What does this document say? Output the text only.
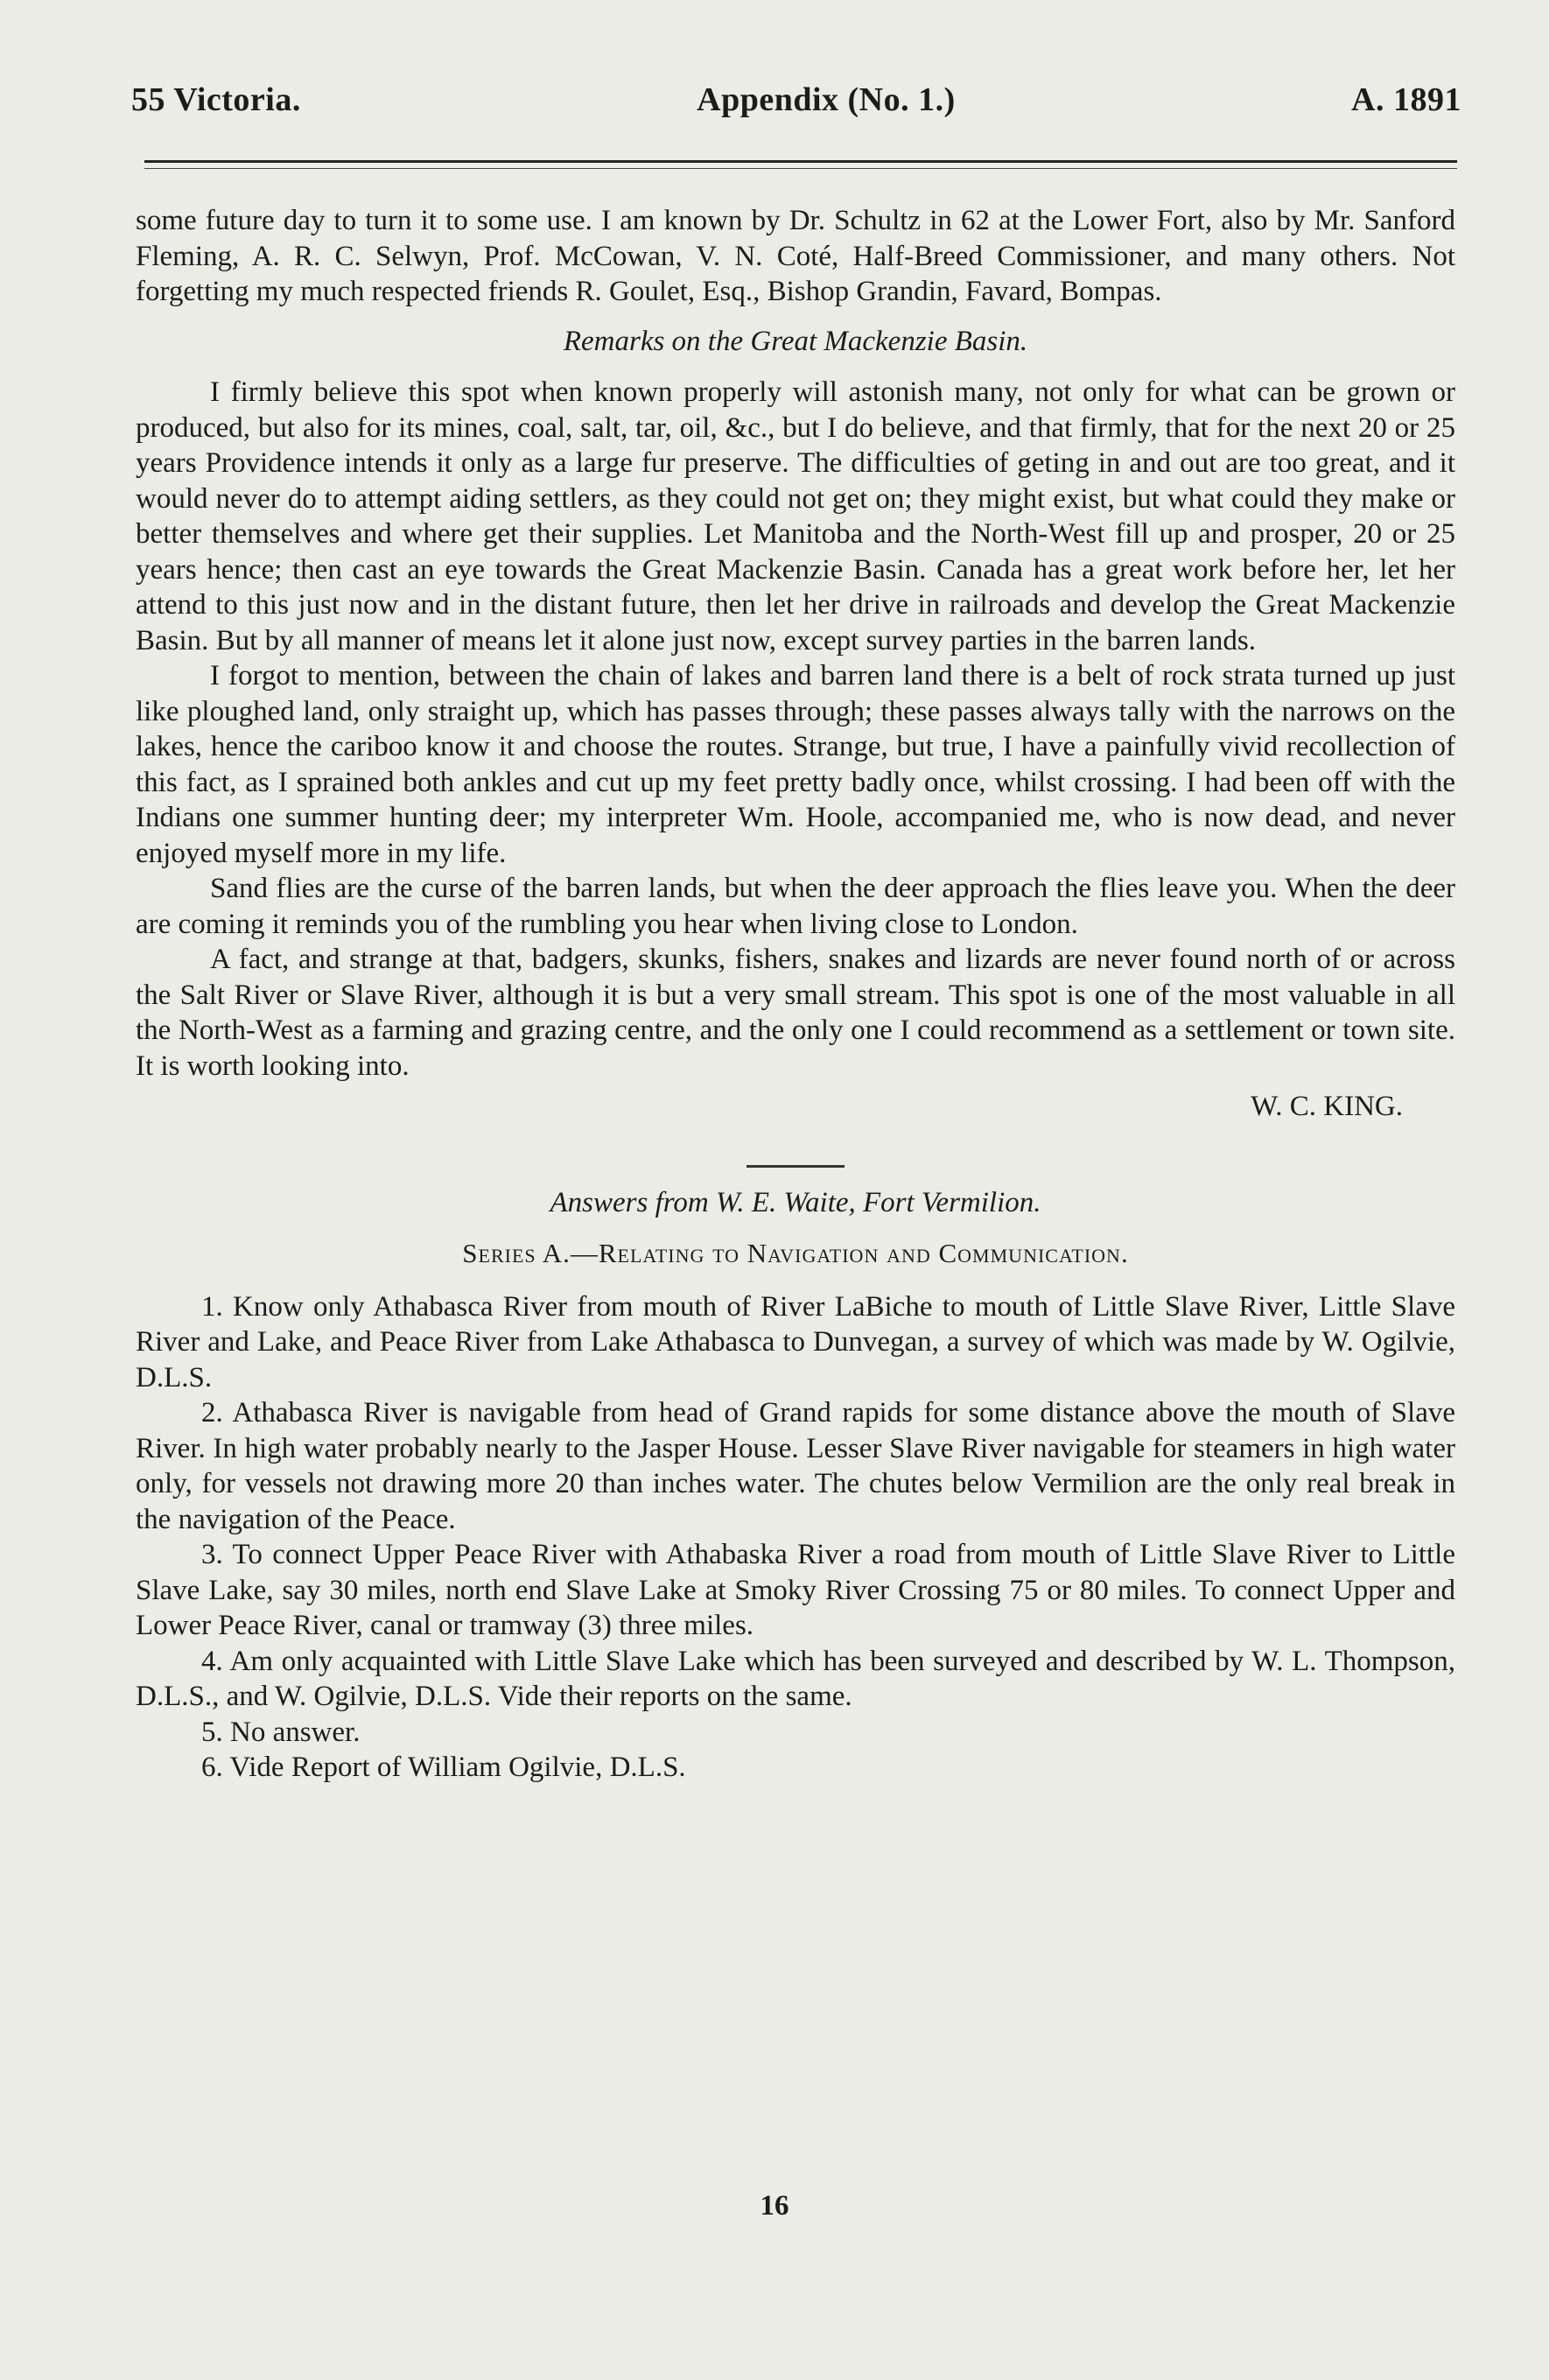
55 Victoria.	Appendix (No. 1.)	A. 1891

some future day to turn it to some use. I am known by Dr. Schultz in 62 at the Lower Fort, also by Mr. Sanford Fleming, A. R. C. Selwyn, Prof. McCowan, V. N. Coté, Half-Breed Commissioner, and many others. Not forgetting my much respected friends R. Goulet, Esq., Bishop Grandin, Favard, Bompas.

Remarks on the Great Mackenzie Basin.

I firmly believe this spot when known properly will astonish many, not only for what can be grown or produced, but also for its mines, coal, salt, tar, oil, &c., but I do believe, and that firmly, that for the next 20 or 25 years Providence intends it only as a large fur preserve. The difficulties of geting in and out are too great, and it would never do to attempt aiding settlers, as they could not get on; they might exist, but what could they make or better themselves and where get their supplies. Let Manitoba and the North-West fill up and prosper, 20 or 25 years hence; then cast an eye towards the Great Mackenzie Basin. Canada has a great work before her, let her attend to this just now and in the distant future, then let her drive in railroads and develop the Great Mackenzie Basin. But by all manner of means let it alone just now, except survey parties in the barren lands.

I forgot to mention, between the chain of lakes and barren land there is a belt of rock strata turned up just like ploughed land, only straight up, which has passes through; these passes always tally with the narrows on the lakes, hence the cariboo know it and choose the routes. Strange, but true, I have a painfully vivid recollection of this fact, as I sprained both ankles and cut up my feet pretty badly once, whilst crossing. I had been off with the Indians one summer hunting deer; my interpreter Wm. Hoole, accompanied me, who is now dead, and never enjoyed myself more in my life.

Sand flies are the curse of the barren lands, but when the deer approach the flies leave you. When the deer are coming it reminds you of the rumbling you hear when living close to London.

A fact, and strange at that, badgers, skunks, fishers, snakes and lizards are never found north of or across the Salt River or Slave River, although it is but a very small stream. This spot is one of the most valuable in all the North-West as a farming and grazing centre, and the only one I could recommend as a settlement or town site. It is worth looking into.

W. C. KING.

Answers from W. E. Waite, Fort Vermilion.

Series A.—Relating to Navigation and Communication.

1. Know only Athabasca River from mouth of River LaBiche to mouth of Little Slave River, Little Slave River and Lake, and Peace River from Lake Athabasca to Dunvegan, a survey of which was made by W. Ogilvie, D.L.S.

2. Athabasca River is navigable from head of Grand rapids for some distance above the mouth of Slave River. In high water probably nearly to the Jasper House. Lesser Slave River navigable for steamers in high water only, for vessels not drawing more 20 than inches water. The chutes below Vermilion are the only real break in the navigation of the Peace.

3. To connect Upper Peace River with Athabaska River a road from mouth of Little Slave River to Little Slave Lake, say 30 miles, north end Slave Lake at Smoky River Crossing 75 or 80 miles. To connect Upper and Lower Peace River, canal or tramway (3) three miles.

4. Am only acquainted with Little Slave Lake which has been surveyed and described by W. L. Thompson, D.L.S., and W. Ogilvie, D.L.S. Vide their reports on the same.

5. No answer.

6. Vide Report of William Ogilvie, D.L.S.

16
